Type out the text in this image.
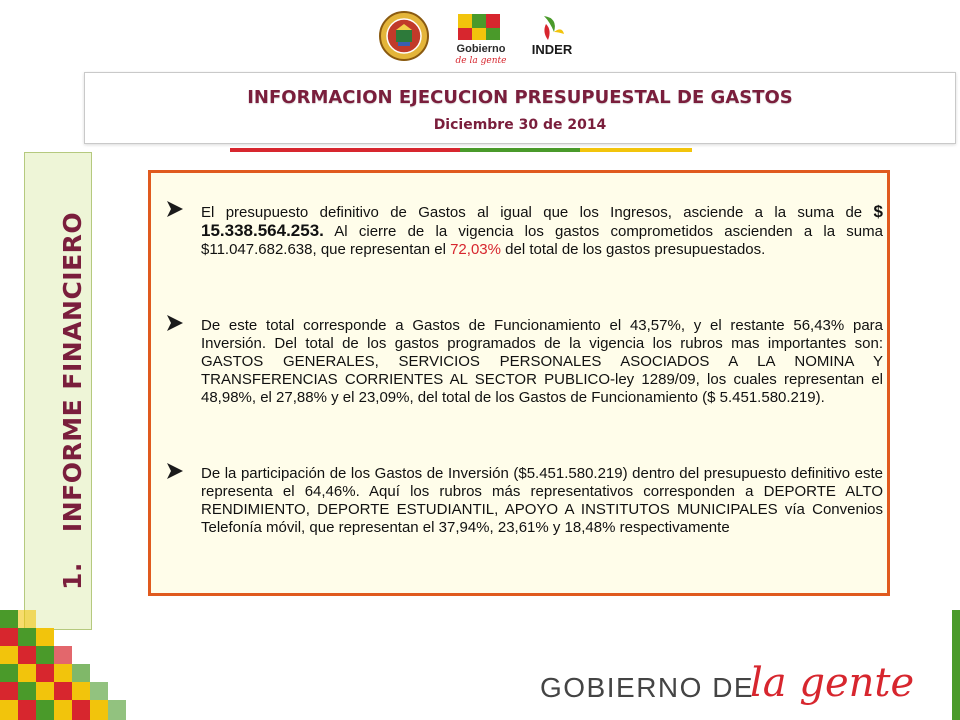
Gobierno
de la gente
INDER
INFORMACION EJECUCION PRESUPUESTAL DE GASTOS
Diciembre 30 de 2014
1.INFORME FINANCIERO	El presupuesto definitivo de Gastos al igual que los Ingresos, asciende a la suma de $ 15.338.564.253. Al cierre de la vigencia los gastos comprometidos ascienden a la suma $11.047.682.638, que representan el 72,03% del total de los gastos presupuestados.
De este total corresponde a Gastos de Funcionamiento el 43,57%, y el restante 56,43% para Inversión. Del total de los gastos programados de la vigencia los rubros mas importantes son: GASTOS GENERALES, SERVICIOS PERSONALES ASOCIADOS A LA NOMINA Y TRANSFERENCIAS CORRIENTES AL SECTOR PUBLICO-ley 1289/09, los cuales representan el 48,98%, el 27,88% y el 23,09%, del total de los Gastos de Funcionamiento ($ 5.451.580.219).
De la participación de los Gastos de Inversión ($5.451.580.219) dentro del presupuesto definitivo este representa el 64,46%. Aquí los rubros más representativos corresponden a DEPORTE ALTO RENDIMIENTO, DEPORTE ESTUDIANTIL, APOYO A INSTITUTOS MUNICIPALES vía Convenios Telefonía móvil, que representan el 37,94%, 23,61% y 18,48% respectivamente
GOBIERNO DE
la gente
